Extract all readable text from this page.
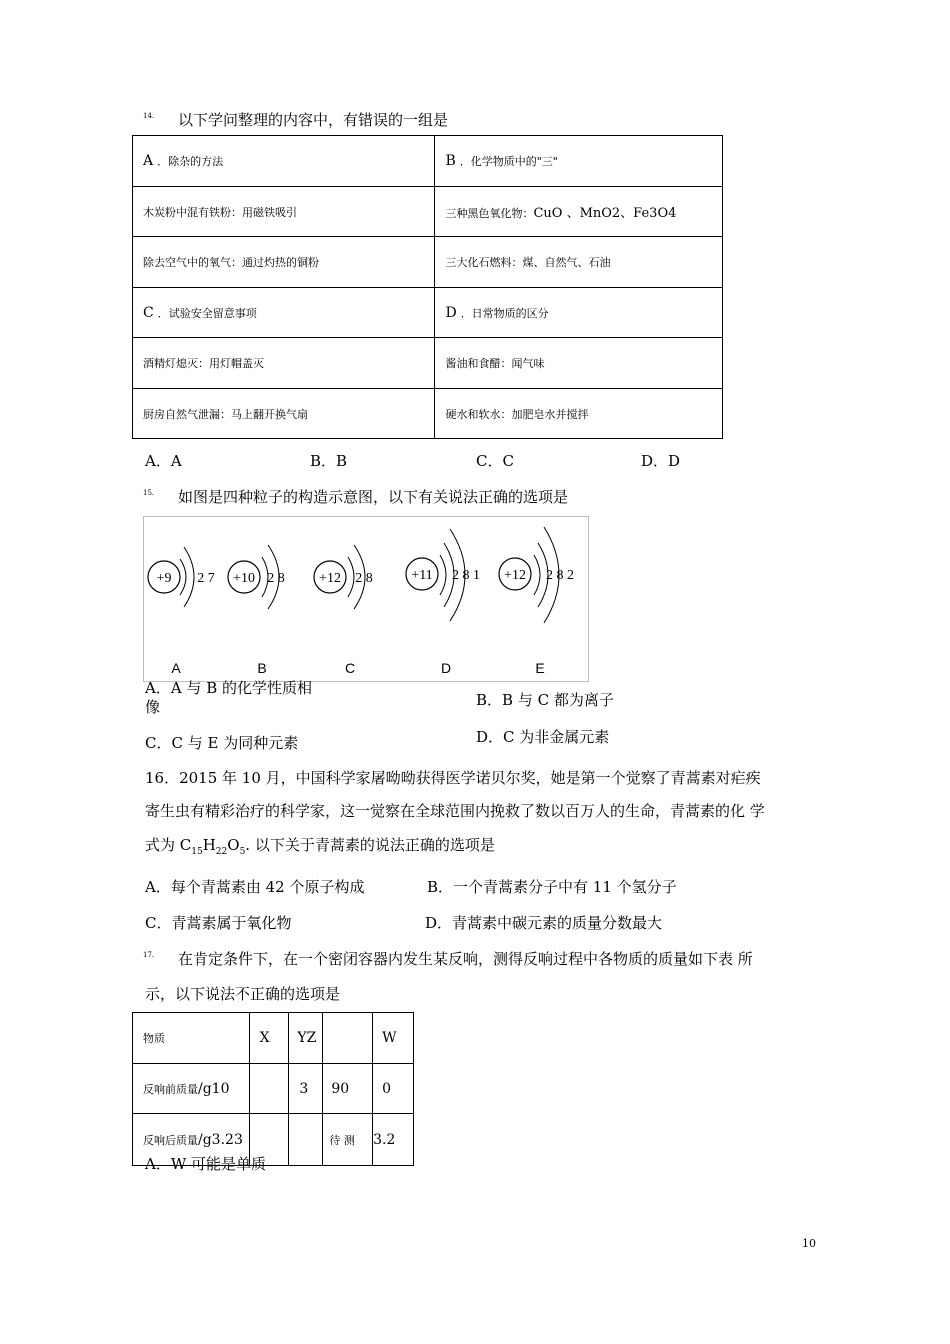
14. 以下学问整理的内容中，有错误的一组是
A ．除杂的方法	B ．化学物质中的"三"
木炭粉中混有铁粉：用磁铁吸引	三种黑色氧化物：CuO 、MnO2、Fe3O4
除去空气中的氧气：通过灼热的铜粉	三大化石燃料：煤、自然气、石油
C ．试验安全留意事项	D ．日常物质的区分
酒精灯熄灭：用灯帽盖灭	酱油和食醋：闻气味
厨房自然气泄漏：马上翻开换气扇	硬水和软水：加肥皂水并搅拌
A．A	B．B	C．C	D．D
15. 如图是四种粒子的构造示意图，以下有关说法正确的选项是
+9 2 7
A
+10 2 8
B
+12 2 8
C
+11 2 8 1
D
+12 2 8 2
E
A．A 与 B 的化学性质相
像	B．B 与 C 都为离子
C．C 与 E 为同种元素	D．C 为非金属元素
16．2015 年 10 月，中国科学家屠呦呦获得医学诺贝尔奖，她是第一个觉察了青蒿素对疟疾
寄生虫有精彩治疗的科学家，这一觉察在全球范围内挽救了数以百万人的生命，青蒿素的化 学
式为 $C_{15}H_{22}O_5$. 以下关于青蒿素的说法正确的选项是
A．每个青蒿素由 42 个原子构成	B．一个青蒿素分子中有 11 个氢分子
C．青蒿素属于氧化物	D．青蒿素中碳元素的质量分数最大
17. 在肯定条件下，在一个密闭容器内发生某反响，测得反响过程中各物质的质量如下表 所
示，以下说法不正确的选项是
物质	X	YZ		W
反响前质量/g10		3	90	0
反响后质量/g3.23			待 测	3.2
A．W 可能是单质
10
